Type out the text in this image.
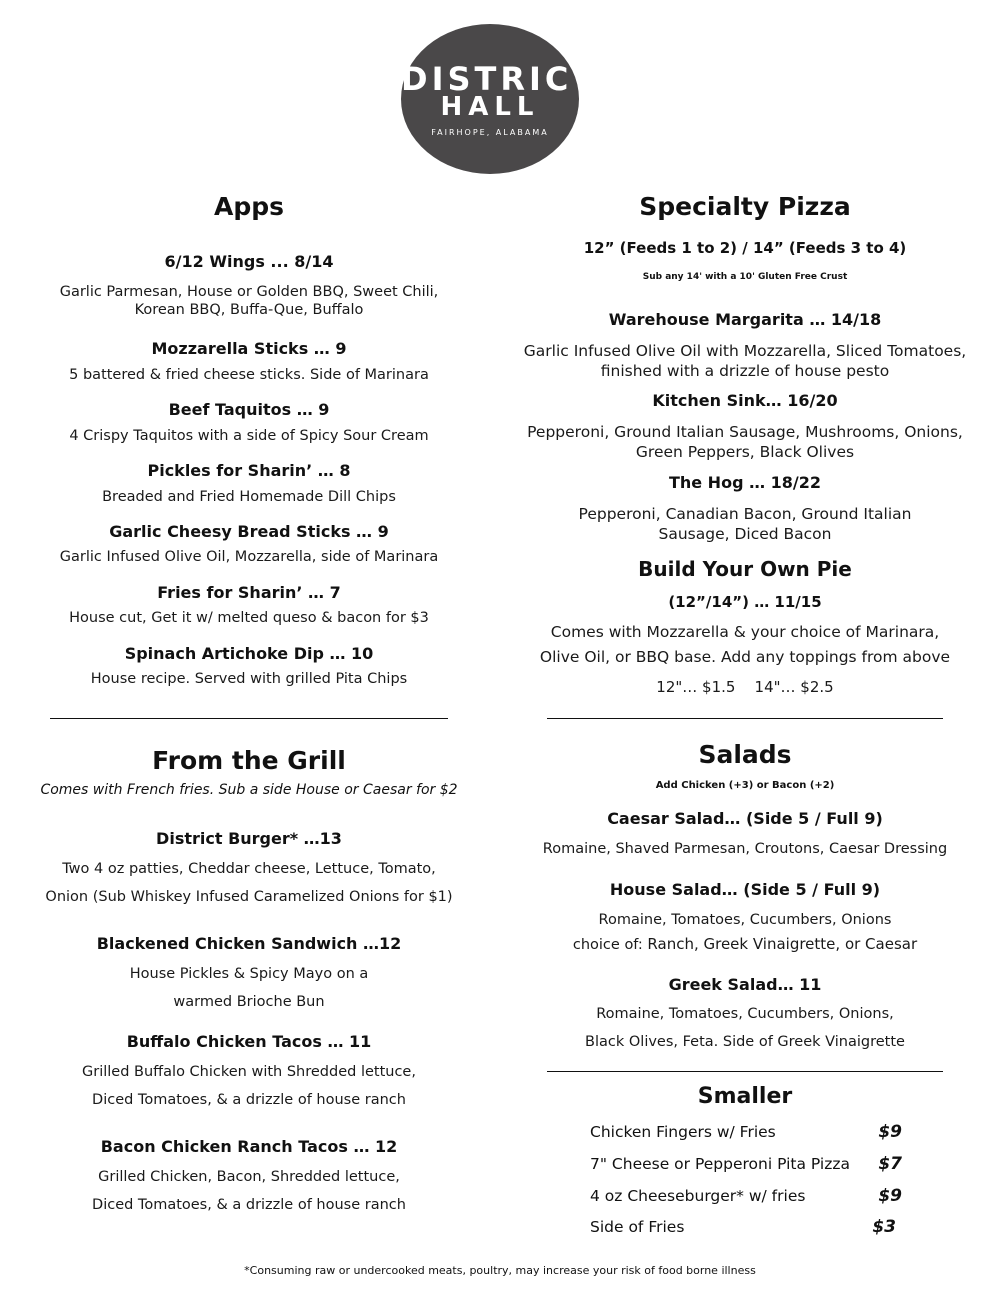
DISTRICT
HALL
FAIRHOPE, ALABAMA
Apps
6/12 Wings ... 8/14
Garlic Parmesan, House or Golden BBQ, Sweet Chili,
Korean BBQ, Buffa-Que, Buffalo
Mozzarella Sticks … 9
5 battered & fried cheese sticks. Side of Marinara
Beef Taquitos … 9
4 Crispy Taquitos with a side of Spicy Sour Cream
Pickles for Sharin’ … 8
Breaded and Fried Homemade Dill Chips
Garlic Cheesy Bread Sticks … 9
Garlic Infused Olive Oil, Mozzarella, side of Marinara
Fries for Sharin’ … 7
House cut, Get it w/ melted queso & bacon for $3
Spinach Artichoke Dip … 10
House recipe. Served with grilled Pita Chips
From the Grill
Comes with French fries. Sub a side House or Caesar for $2
District Burger* …13
Two 4 oz patties, Cheddar cheese, Lettuce, Tomato,
Onion (Sub Whiskey Infused Caramelized Onions for $1)
Blackened Chicken Sandwich …12
House Pickles & Spicy Mayo on a
warmed Brioche Bun
Buffalo Chicken Tacos … 11
Grilled Buffalo Chicken with Shredded lettuce,
Diced Tomatoes, & a drizzle of house ranch
Bacon Chicken Ranch Tacos … 12
Grilled Chicken, Bacon, Shredded lettuce,
Diced Tomatoes, & a drizzle of house ranch
Specialty Pizza
12” (Feeds 1 to 2) / 14” (Feeds 3 to 4)
Sub any 14' with a 10' Gluten Free Crust
Warehouse Margarita … 14/18
Garlic Infused Olive Oil with Mozzarella, Sliced Tomatoes,
finished with a drizzle of house pesto
Kitchen Sink… 16/20
Pepperoni, Ground Italian Sausage, Mushrooms, Onions,
Green Peppers, Black Olives
The Hog … 18/22
Pepperoni, Canadian Bacon, Ground Italian
Sausage, Diced Bacon
Build Your Own Pie
(12”/14”) … 11/15
Comes with Mozzarella & your choice of Marinara,
Olive Oil, or BBQ base. Add any toppings from above
12"… $1.5    14"… $2.5
Salads
Add Chicken (+3) or Bacon (+2)
Caesar Salad… (Side 5 / Full 9)
Romaine, Shaved Parmesan, Croutons, Caesar Dressing
House Salad… (Side 5 / Full 9)
Romaine, Tomatoes, Cucumbers, Onions
choice of: Ranch, Greek Vinaigrette, or Caesar
Greek Salad… 11
Romaine, Tomatoes, Cucumbers, Onions,
Black Olives, Feta. Side of Greek Vinaigrette
Smaller
Chicken Fingers w/ Fries	$9
7" Cheese or Pepperoni Pita Pizza $7
4 oz Cheeseburger* w/ fries	$9
Side of Fries	$3
*Consuming raw or undercooked meats, poultry, may increase your risk of food borne illness
